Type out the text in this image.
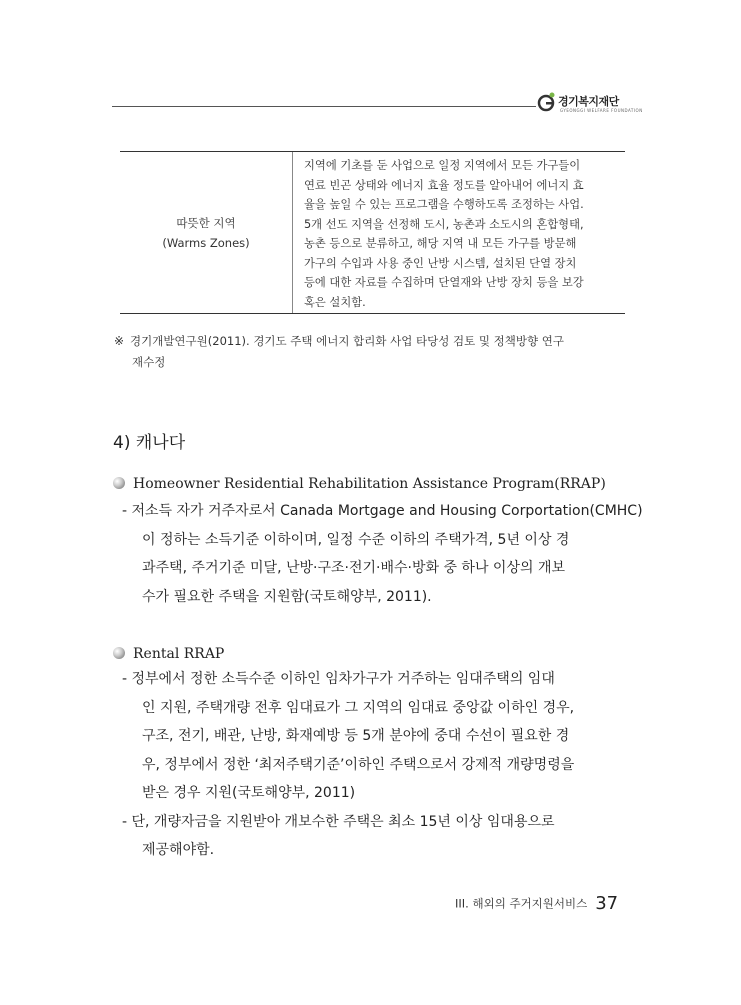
경기복지재단
GYEONGGI WELFARE FOUNDATION
따뜻한 지역
(Warms Zones)
지역에 기초를 둔 사업으로 일정 지역에서 모든 가구들이
연료 빈곤 상태와 에너지 효율 정도를 알아내어 에너지 효
율을 높일 수 있는 프로그램을 수행하도록 조정하는 사업.
5개 선도 지역을 선정해 도시, 농촌과 소도시의 혼합형태,
농촌 등으로 분류하고, 해당 지역 내 모든 가구를 방문해
가구의 수입과 사용 중인 난방 시스템, 설치된 단열 장치
등에 대한 자료를 수집하며 단열재와 난방 장치 등을 보강
혹은 설치함.
※ 경기개발연구원(2011). 경기도 주택 에너지 합리화 사업 타당성 검토 및 정책방향 연구
재수정
4) 캐나다
Homeowner Residential Rehabilitation Assistance Program(RRAP)
- 저소득 자가 거주자로서 Canada Mortgage and Housing Corportation(CMHC)
이 정하는 소득기준 이하이며, 일정 수준 이하의 주택가격, 5년 이상 경
과주택, 주거기준 미달, 난방·구조·전기·배수·방화 중 하나 이상의 개보
수가 필요한 주택을 지원함(국토해양부, 2011).
Rental RRAP
- 정부에서 정한 소득수준 이하인 임차가구가 거주하는 임대주택의 임대
인 지원, 주택개량 전후 임대료가 그 지역의 임대료 중앙값 이하인 경우,
구조, 전기, 배관, 난방, 화재예방 등 5개 분야에 중대 수선이 필요한 경
우, 정부에서 정한 ‘최저주택기준’이하인 주택으로서 강제적 개량명령을
받은 경우 지원(국토해양부, 2011)
- 단, 개량자금을 지원받아 개보수한 주택은 최소 15년 이상 임대용으로
제공해야함.
III. 해외의 주거지원서비스 37
